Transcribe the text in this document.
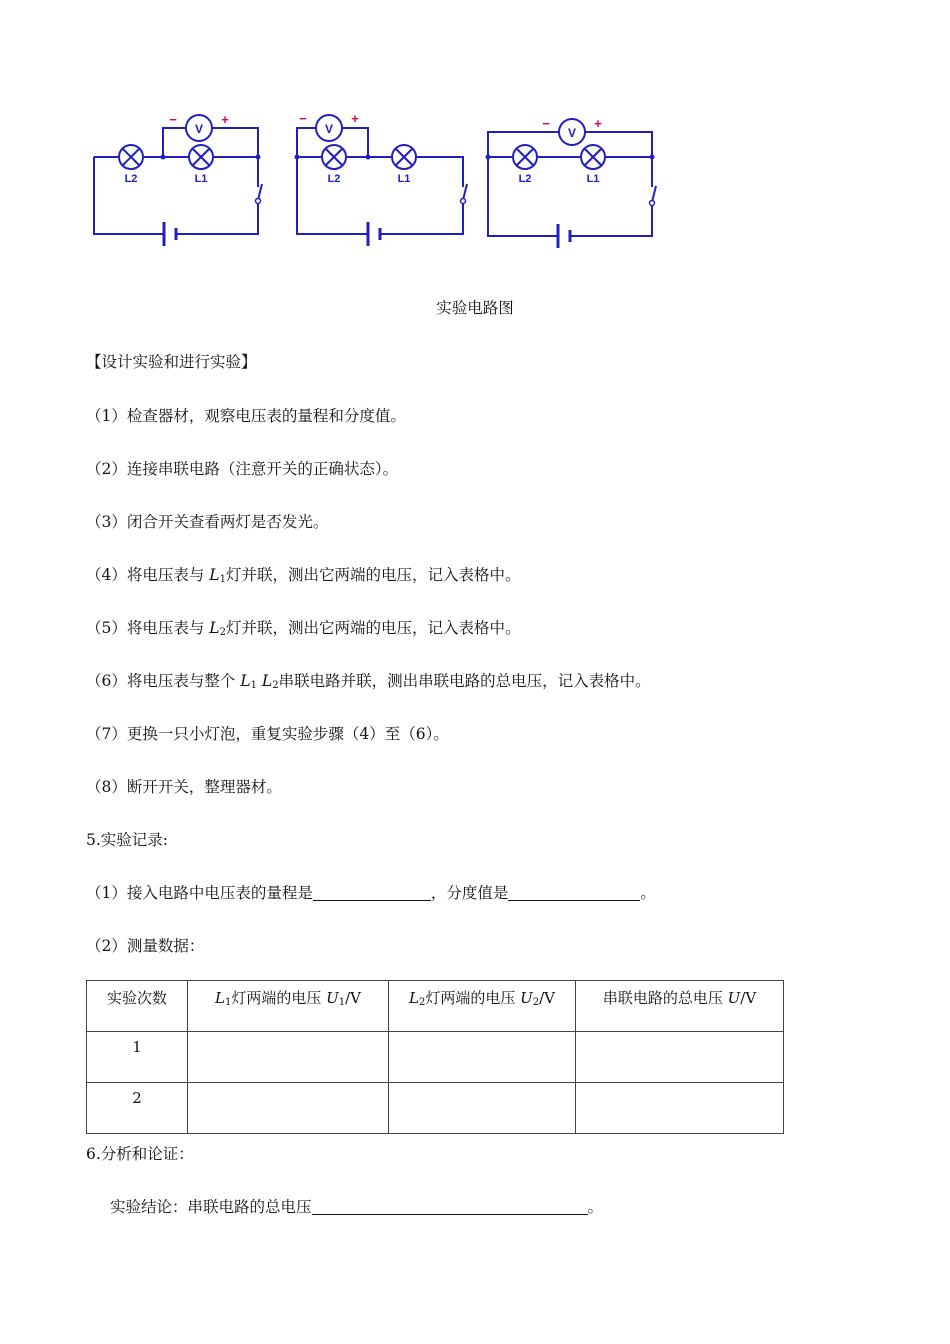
V	V	V
L2	L1	L2	L1	L2	L1
−	+	−	+	−	+
实验电路图
【设计实验和进行实验】
（1）检查器材，观察电压表的量程和分度值。
（2）连接串联电路（注意开关的正确状态）。
（3）闭合开关查看两灯是否发光。
（4）将电压表与 $L_1$灯并联，测出它两端的电压，记入表格中。
（5）将电压表与 $L_2$灯并联，测出它两端的电压，记入表格中。
（6）将电压表与整个 $L_1$ $L_2$串联电路并联，测出串联电路的总电压，记入表格中。
（7）更换一只小灯泡，重复实验步骤（4）至（6）。
（8）断开开关，整理器材。
5.实验记录:
（1）接入电路中电压表的量程是	，分度值是	。
（2）测量数据：
实验次数	$L_1$灯两端的电压 $U_1/V$	$L_2$灯两端的电压 $U_2/V$	串联电路的总电压 U/V
1			
2			
6.分析和论证：
实验结论：串联电路的总电压	。
